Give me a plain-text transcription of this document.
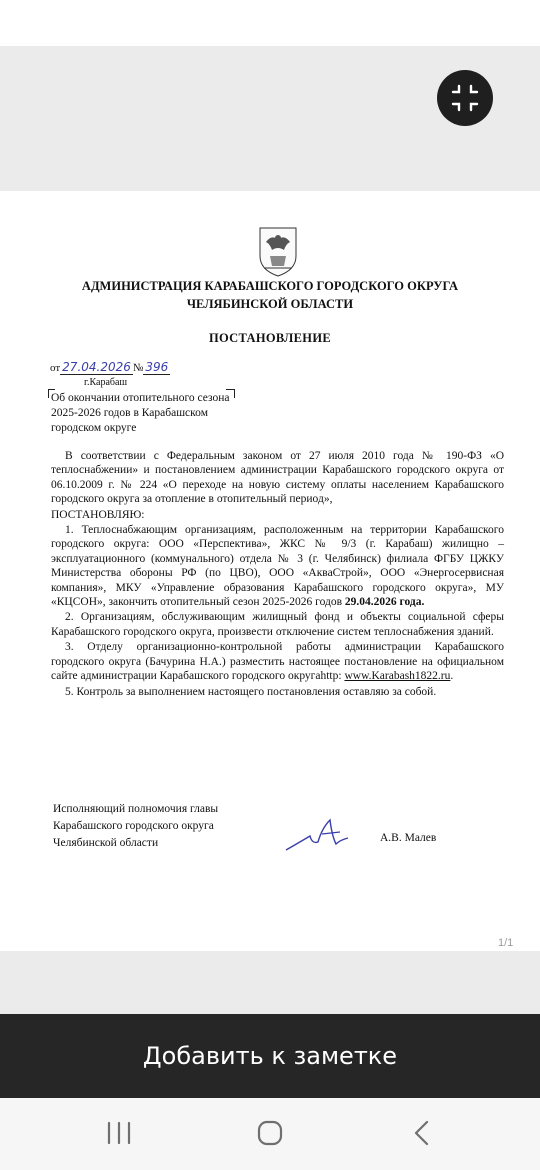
АДМИНИСТРАЦИЯ КАРАБАШСКОГО ГОРОДСКОГО ОКРУГА
ЧЕЛЯБИНСКОЙ ОБЛАСТИ
ПОСТАНОВЛЕНИЕ
от 27.04.2026 № 396
г.Карабаш
Об окончании отопительного сезона 2025-2026 годов в Карабашском городском округе

В соответствии с Федеральным законом от 27 июля 2010 года № 190-ФЗ «О теплоснабжении» и постановлением администрации Карабашского городского округа от 06.10.2009 г. № 224 «О переходе на новую систему оплаты населением Карабашского городского округа за отопление в отопительный период»,

ПОСТАНОВЛЯЮ:

1. Теплоснабжающим организациям, расположенным на территории Карабашского городского округа: ООО «Перспектива», ЖКС № 9/3 (г. Карабаш) жилищно – эксплуатационного (коммунального) отдела № 3 (г. Челябинск) филиала ФГБУ ЦЖКУ Министерства обороны РФ (по ЦВО), ООО «АкваСтрой», ООО «Энергосервисная компания», МКУ «Управление образования Карабашского городского округа», МУ «КЦСОН», закончить отопительный сезон 2025-2026 годов 29.04.2026 года.

2. Организациям, обслуживающим жилищный фонд и объекты социальной сферы Карабашского городского округа, произвести отключение систем теплоснабжения зданий.

3. Отделу организационно-контрольной работы администрации Карабашского городского округа (Бачурина Н.А.) разместить настоящее постановление на официальном сайте администрации Карабашского городского округаhttp: www.Karabash1822.ru.

5. Контроль за выполнением настоящего постановления оставляю за собой.

Исполняющий полномочия главы
Карабашского городского округа
Челябинской области	А.В. Малев
1/1
Добавить к заметке
